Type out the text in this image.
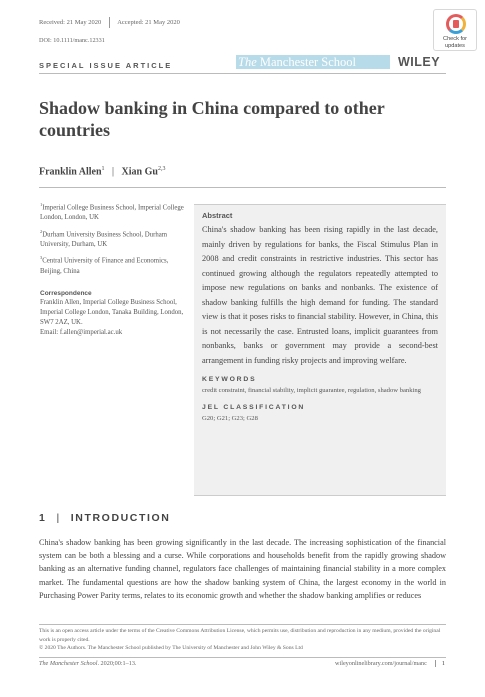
Received: 21 May 2020 Accepted: 21 May 2020
DOI: 10.1111/manc.12331	Check for
updates
SPECIAL ISSUE ARTICLE	The Manchester School	WILEY
Shadow banking in China compared to other countries
Franklin Allen$^1$ | Xian Gu$^{2,3}$

$^1$Imperial College Business School, Imperial College London, London, UK

$^2$Durham University Business School, Durham University, Durham, UK

$^3$Central University of Finance and Economics, Beijing, China

Correspondence
Franklin Allen, Imperial College Business School, Imperial College London, Tanaka Building, London, SW7 2AZ, UK.
Email: f.allen@imperial.ac.uk
Abstract
China's shadow banking has been rising rapidly in the last decade, mainly driven by regulations for banks, the Fiscal Stimulus Plan in 2008 and credit constraints in restrictive industries. This sector has continued growing although the regulators repeatedly attempted to impose new regulations on banks and nonbanks. The existence of shadow banking fulfills the high demand for funding. The standard view is that it poses risks to financial stability. However, in China, this is not necessarily the case. Entrusted loans, implicit guarantees from nonbanks, banks or government may provide a second-best arrangement in funding risky projects and improving welfare.
KEYWORDS
credit constraint, financial stability, implicit guarantee, regulation, shadow banking
JEL CLASSIFICATION
G20; G21; G23; G28
1 | INTRODUCTION
China's shadow banking has been growing significantly in the last decade. The increasing sophistication of the financial system can be both a blessing and a curse. While corporations and households benefit from the rapidly growing shadow banking as an alternative funding channel, regulators face challenges of maintaining financial stability in a more complex market. The fundamental questions are how the shadow banking system of China, the largest economy in the world in Purchasing Power Parity terms, relates to its economic growth and whether the shadow banking amplifies or reduces
This is an open access article under the terms of the Creative Commons Attribution License, which permits use, distribution and reproduction in any medium, provided the original work is properly cited.
© 2020 The Authors. The Manchester School published by The University of Manchester and John Wiley & Sons Ltd
The Manchester School. 2020;00:1–13.	wileyonlinelibrary.com/journal/manc 1
